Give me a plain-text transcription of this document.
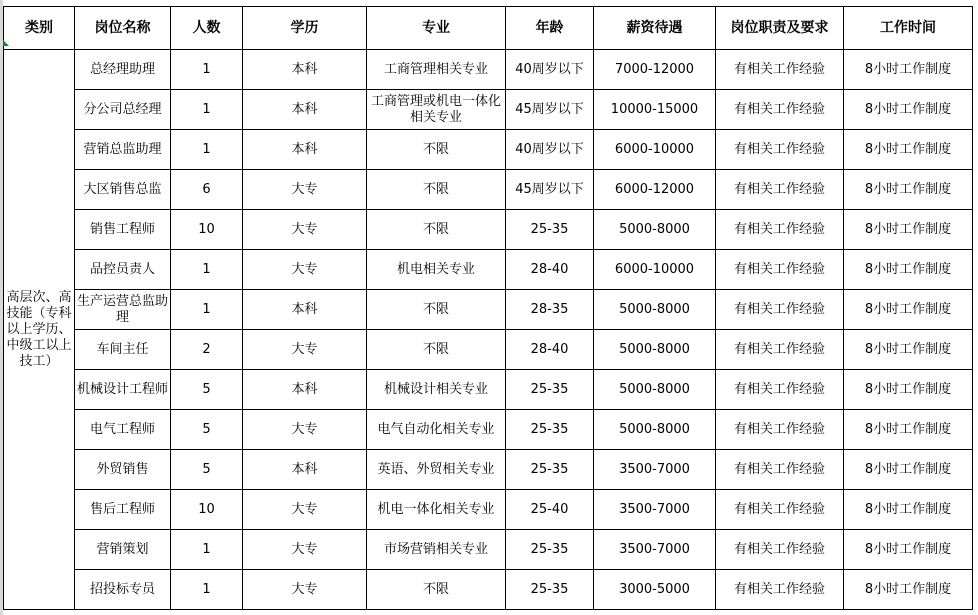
类别	岗位名称	人数	学历	专业	年龄	薪资待遇	岗位职责及要求	工作时间
高层次、高技能（专科以上学历、中级工以上技工）	总经理助理	1	本科	工商管理相关专业	40周岁以下	7000-12000	有相关工作经验	8小时工作制度
	分公司总经理	1	本科	工商管理或机电一体化相关专业	45周岁以下	10000-15000	有相关工作经验	8小时工作制度
	营销总监助理	1	本科	不限	40周岁以下	6000-10000	有相关工作经验	8小时工作制度
	大区销售总监	6	大专	不限	45周岁以下	6000-12000	有相关工作经验	8小时工作制度
	销售工程师	10	大专	不限	25-35	5000-8000	有相关工作经验	8小时工作制度
	品控员责人	1	大专	机电相关专业	28-40	6000-10000	有相关工作经验	8小时工作制度
	生产运营总监助理	1	本科	不限	28-35	5000-8000	有相关工作经验	8小时工作制度
	车间主任	2	大专	不限	28-40	5000-8000	有相关工作经验	8小时工作制度
	机械设计工程师	5	本科	机械设计相关专业	25-35	5000-8000	有相关工作经验	8小时工作制度
	电气工程师	5	大专	电气自动化相关专业	25-35	5000-8000	有相关工作经验	8小时工作制度
	外贸销售	5	本科	英语、外贸相关专业	25-35	3500-7000	有相关工作经验	8小时工作制度
	售后工程师	10	大专	机电一体化相关专业	25-40	3500-7000	有相关工作经验	8小时工作制度
	营销策划	1	大专	市场营销相关专业	25-35	3500-7000	有相关工作经验	8小时工作制度
	招投标专员	1	大专	不限	25-35	3000-5000	有相关工作经验	8小时工作制度
